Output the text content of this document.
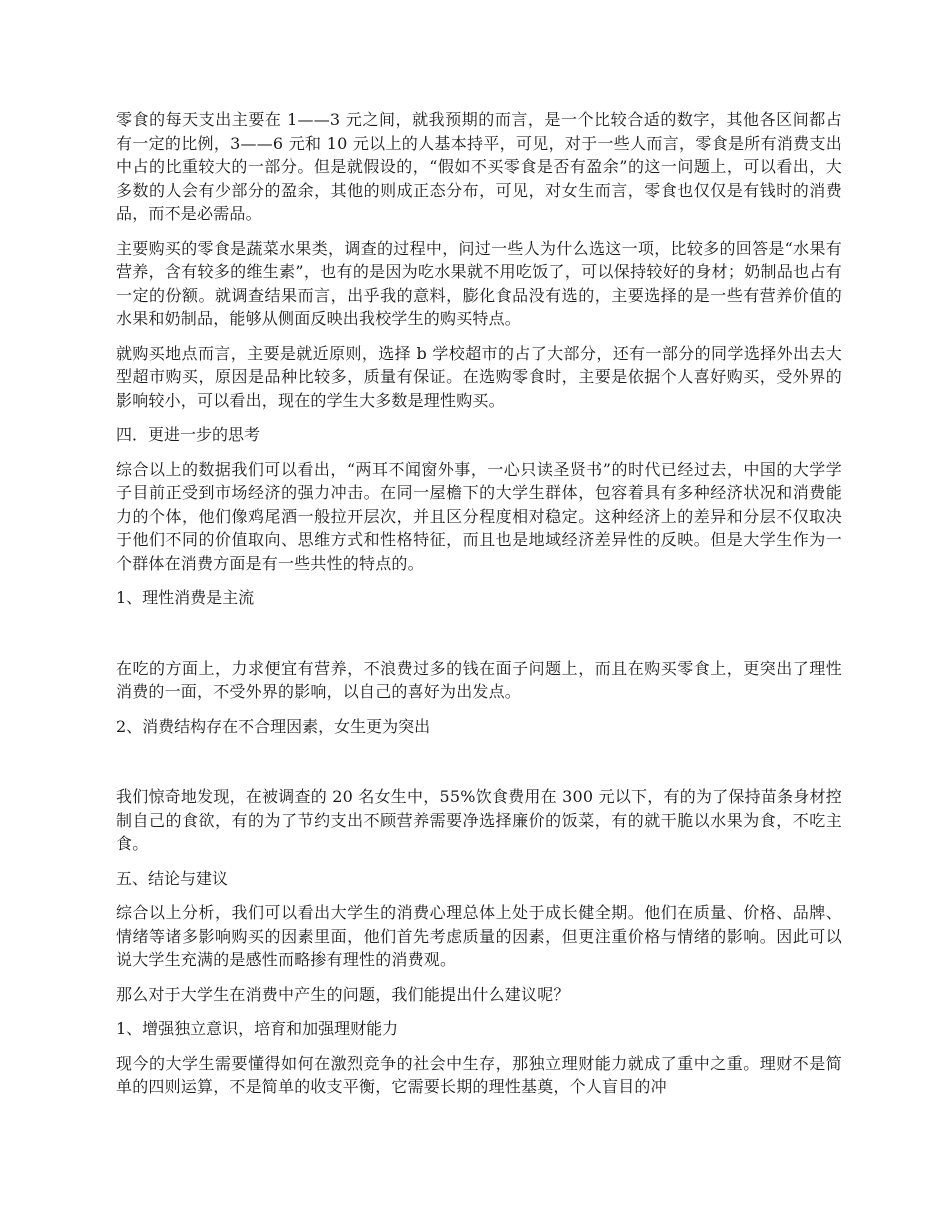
零食的每天支出主要在 1——3 元之间，就我预期的而言，是一个比较合适的数字，其他各区间都占有一定的比例，3——6 元和 10 元以上的人基本持平，可见，对于一些人而言，零食是所有消费支出中占的比重较大的一部分。但是就假设的，“假如不买零食是否有盈余”的这一问题上，可以看出，大多数的人会有少部分的盈余，其他的则成正态分布，可见，对女生而言，零食也仅仅是有钱时的消费品，而不是必需品。

主要购买的零食是蔬菜水果类，调查的过程中，问过一些人为什么选这一项，比较多的回答是“水果有营养，含有较多的维生素”，也有的是因为吃水果就不用吃饭了，可以保持较好的身材；奶制品也占有一定的份额。就调查结果而言，出乎我的意料，膨化食品没有选的，主要选择的是一些有营养价值的水果和奶制品，能够从侧面反映出我校学生的购买特点。

就购买地点而言，主要是就近原则，选择 b 学校超市的占了大部分，还有一部分的同学选择外出去大型超市购买，原因是品种比较多，质量有保证。在选购零食时，主要是依据个人喜好购买，受外界的影响较小，可以看出，现在的学生大多数是理性购买。

四．更进一步的思考

综合以上的数据我们可以看出，“两耳不闻窗外事，一心只读圣贤书”的时代已经过去，中国的大学学子目前正受到市场经济的强力冲击。在同一屋檐下的大学生群体，包容着具有多种经济状况和消费能力的个体，他们像鸡尾酒一般拉开层次，并且区分程度相对稳定。这种经济上的差异和分层不仅取决于他们不同的价值取向、思维方式和性格特征，而且也是地域经济差异性的反映。但是大学生作为一个群体在消费方面是有一些共性的特点的。

1、理性消费是主流

在吃的方面上，力求便宜有营养，不浪费过多的钱在面子问题上，而且在购买零食上，更突出了理性消费的一面，不受外界的影响，以自己的喜好为出发点。

2、消费结构存在不合理因素，女生更为突出

我们惊奇地发现，在被调查的 20 名女生中，55%饮食费用在 300 元以下，有的为了保持苗条身材控制自己的食欲，有的为了节约支出不顾营养需要净选择廉价的饭菜，有的就干脆以水果为食，不吃主食。

五、结论与建议

综合以上分析，我们可以看出大学生的消费心理总体上处于成长健全期。他们在质量、价格、品牌、情绪等诸多影响购买的因素里面，他们首先考虑质量的因素，但更注重价格与情绪的影响。因此可以说大学生充满的是感性而略掺有理性的消费观。

那么对于大学生在消费中产生的问题，我们能提出什么建议呢？

1、增强独立意识，培育和加强理财能力

现今的大学生需要懂得如何在激烈竞争的社会中生存，那独立理财能力就成了重中之重。理财不是简单的四则运算，不是简单的收支平衡，它需要长期的理性基奠，个人盲目的冲
